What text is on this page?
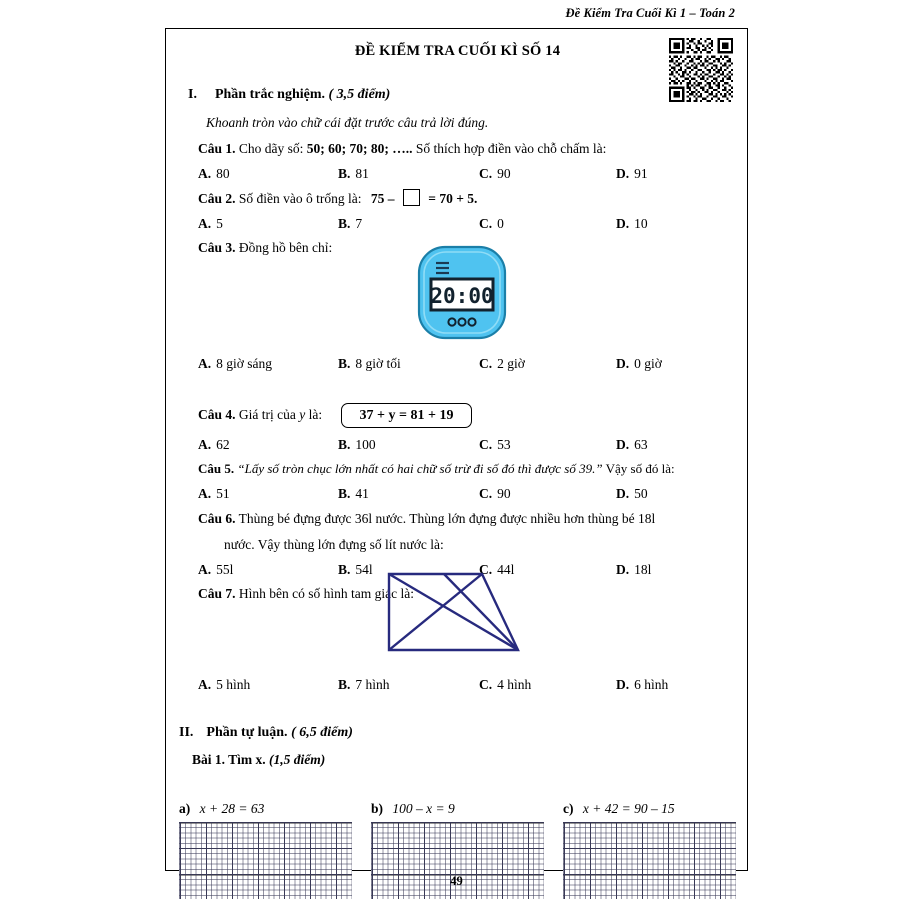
Đề Kiểm Tra Cuối Kì 1 – Toán 2
ĐỀ KIỂM TRA CUỐI KÌ SỐ 14
I. Phần trắc nghiệm. ( 3,5 điểm)
Khoanh tròn vào chữ cái đặt trước câu trả lời đúng.
Câu 1. Cho dãy số: 50; 60; 70; 80; ….. Số thích hợp điền vào chỗ chấm là:
A. 80	B. 81	C. 90	D. 91
Câu 2. Số điền vào ô trống là: 75 –	= 70 + 5.
A. 5	B. 7	C. 0	D. 10
Câu 3. Đồng hồ bên chỉ:
20:00
A. 8 giờ sáng	B. 8 giờ tối	C. 2 giờ	D. 0 giờ
Câu 4. Giá trị của y là:	37 + y = 81 + 19
A. 62	B. 100	C. 53	D. 63
Câu 5. “Lấy số tròn chục lớn nhất có hai chữ số trừ đi số đó thì được số 39.” Vậy số đó là:
A. 51	B. 41	C. 90	D. 50
Câu 6. Thùng bé đựng được 36l nước. Thùng lớn đựng được nhiều hơn thùng bé 18l
nước. Vậy thùng lớn đựng số lít nước là:
A. 55l	B. 54l	C. 44l	D. 18l
Câu 7. Hình bên có số hình tam giác là:
A. 5 hình	B. 7 hình	C. 4 hình	D. 6 hình
II. Phần tự luận. ( 6,5 điểm)
Bài 1. Tìm x. (1,5 điểm)
a) x + 28 = 63	b) 100 – x = 9	c) x + 42 = 90 – 15
49
